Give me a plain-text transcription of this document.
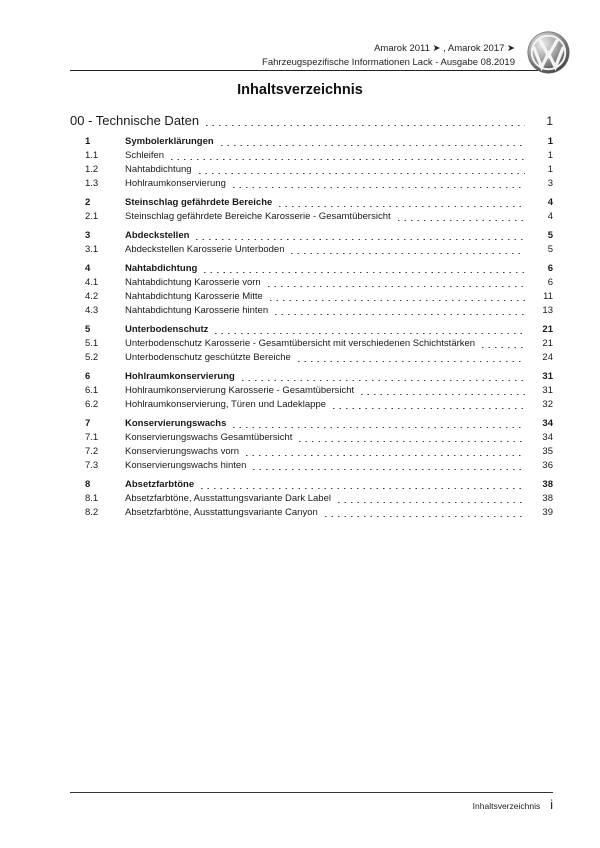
Amarok 2011 ➤ , Amarok 2017 ➤
Fahrzeugspezifische Informationen Lack - Ausgabe 08.2019
Inhaltsverzeichnis
00 - Technische Daten	1
1	Symbolerklärungen	1
1.1	Schleifen	1
1.2	Nahtabdichtung	1
1.3	Hohlraumkonservierung	3
2	Steinschlag gefährdete Bereiche	4
2.1	Steinschlag gefährdete Bereiche Karosserie - Gesamtübersicht	4
3	Abdeckstellen	5
3.1	Abdeckstellen Karosserie Unterboden	5
4	Nahtabdichtung	6
4.1	Nahtabdichtung Karosserie vorn	6
4.2	Nahtabdichtung Karosserie Mitte	11
4.3	Nahtabdichtung Karosserie hinten	13
5	Unterbodenschutz	21
5.1	Unterbodenschutz Karosserie - Gesamtübersicht mit verschiedenen Schichtstärken	21
5.2	Unterbodenschutz geschützte Bereiche	24
6	Hohlraumkonservierung	31
6.1	Hohlraumkonservierung Karosserie - Gesamtübersicht	31
6.2	Hohlraumkonservierung, Türen und Ladeklappe	32
7	Konservierungswachs	34
7.1	Konservierungswachs Gesamtübersicht	34
7.2	Konservierungswachs vorn	35
7.3	Konservierungswachs hinten	36
8	Absetzfarbtöne	38
8.1	Absetzfarbtöne, Ausstattungsvariante Dark Label	38
8.2	Absetzfarbtöne, Ausstattungsvariante Canyon	39
Inhaltsverzeichnis i
